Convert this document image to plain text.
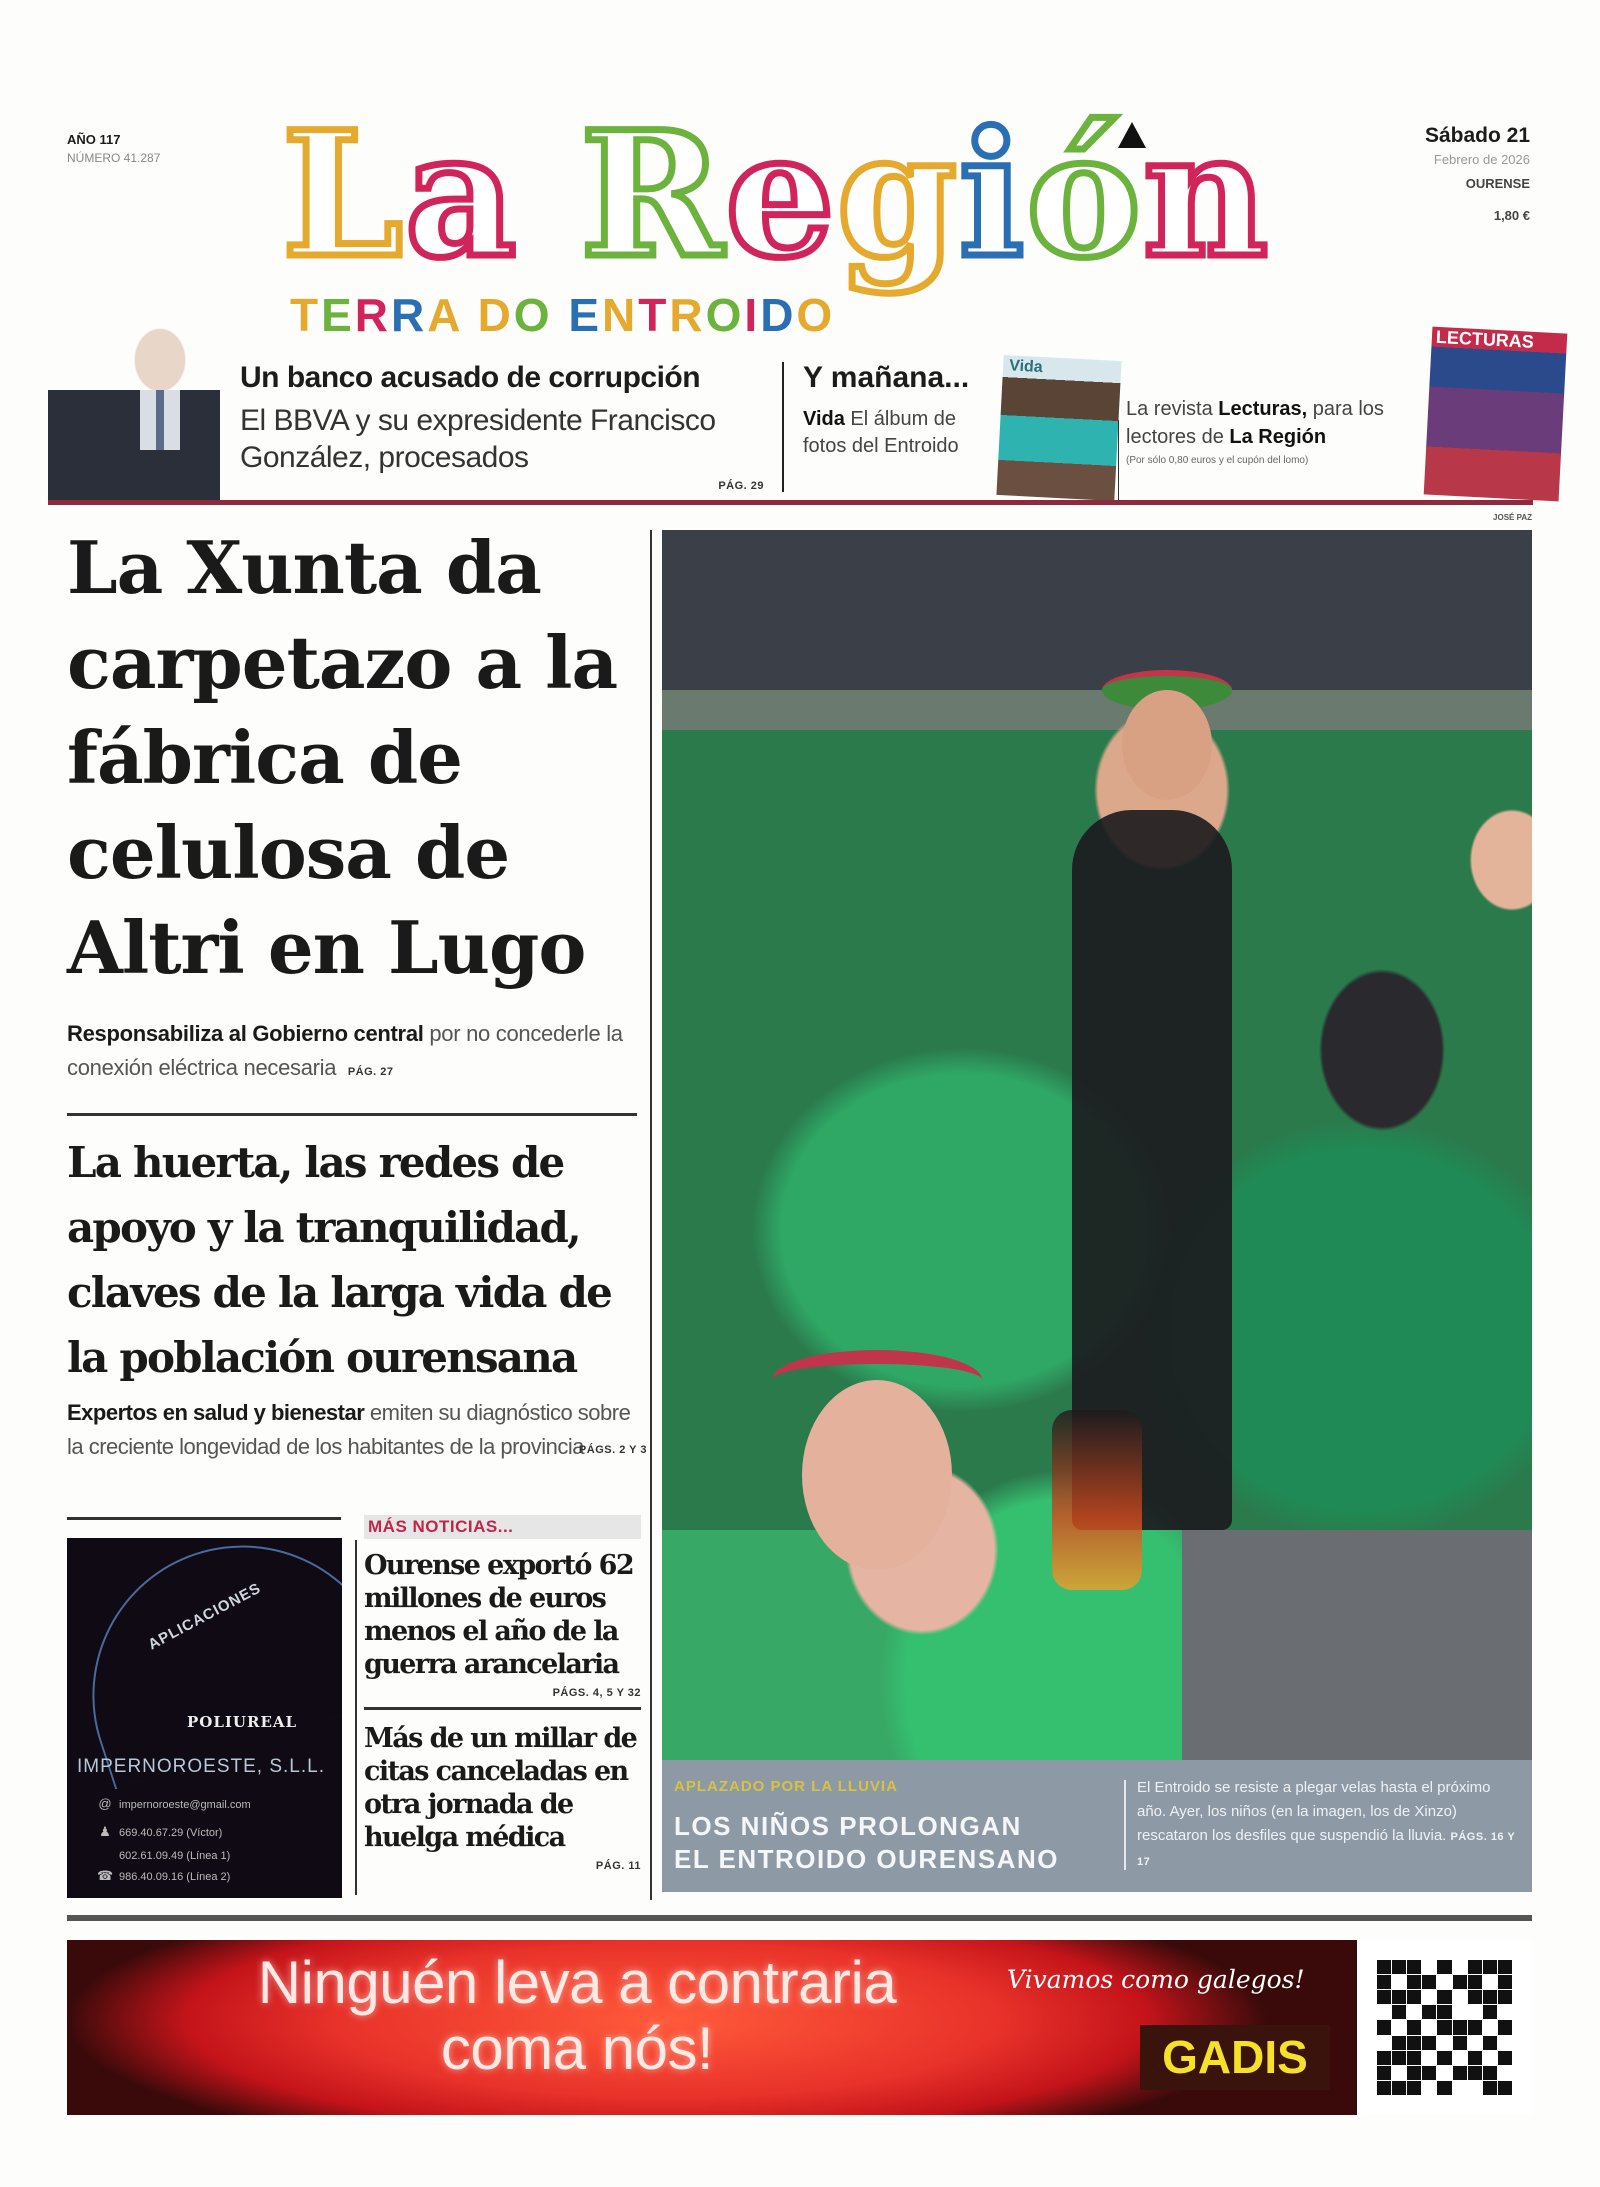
AÑO 117
NÚMERO 41.287 La Región
TERRA DO ENTROIDO
Sábado 21
Febrero de 2026
OURENSE
1,80 €
Un banco acusado de corrupción
El BBVA y su expresidente Francisco González, procesados
PÁG. 29
Y mañana...
Vida El álbum de fotos del Entroido
Vida
La revista Lecturas, para los lectores de La Región
(Por sólo 0,80 euros y el cupón del lomo)
LECTURAS
JOSÉ PAZ
La Xunta da carpetazo a la fábrica de celulosa de Altri en Lugo
Responsabiliza al Gobierno central por no concederle la conexión eléctrica necesaria PÁG. 27
La huerta, las redes de apoyo y la tranquilidad, claves de la larga vida de la población ourensana
Expertos en salud y bienestar emiten su diagnóstico sobre la creciente longevidad de los habitantes de la provincia
PÁGS. 2 Y 3
APLICACIONES
POLIUREAL
IMPERNOROESTE, S.L.L.
@ impernoroeste@gmail.com
♟ 669.40.67.29 (Víctor)
602.61.09.49 (Línea 1)
☎ 986.40.09.16 (Línea 2)
MÁS NOTICIAS...
Ourense exportó 62 millones de euros menos el año de la guerra arancelaria
PÁGS. 4, 5 Y 32
Más de un millar de citas canceladas en otra jornada de huelga médica
PÁG. 11
APLAZADO POR LA LLUVIA
LOS NIÑOS PROLONGAN
EL ENTROIDO OURENSANO
El Entroido se resiste a plegar velas hasta el próximo año. Ayer, los niños (en la imagen, los de Xinzo) rescataron los desfiles que suspendió la lluvia. PÁGS. 16 Y 17
Ninguén leva a contraria
coma nós!
Vivamos como galegos!
GADIS
